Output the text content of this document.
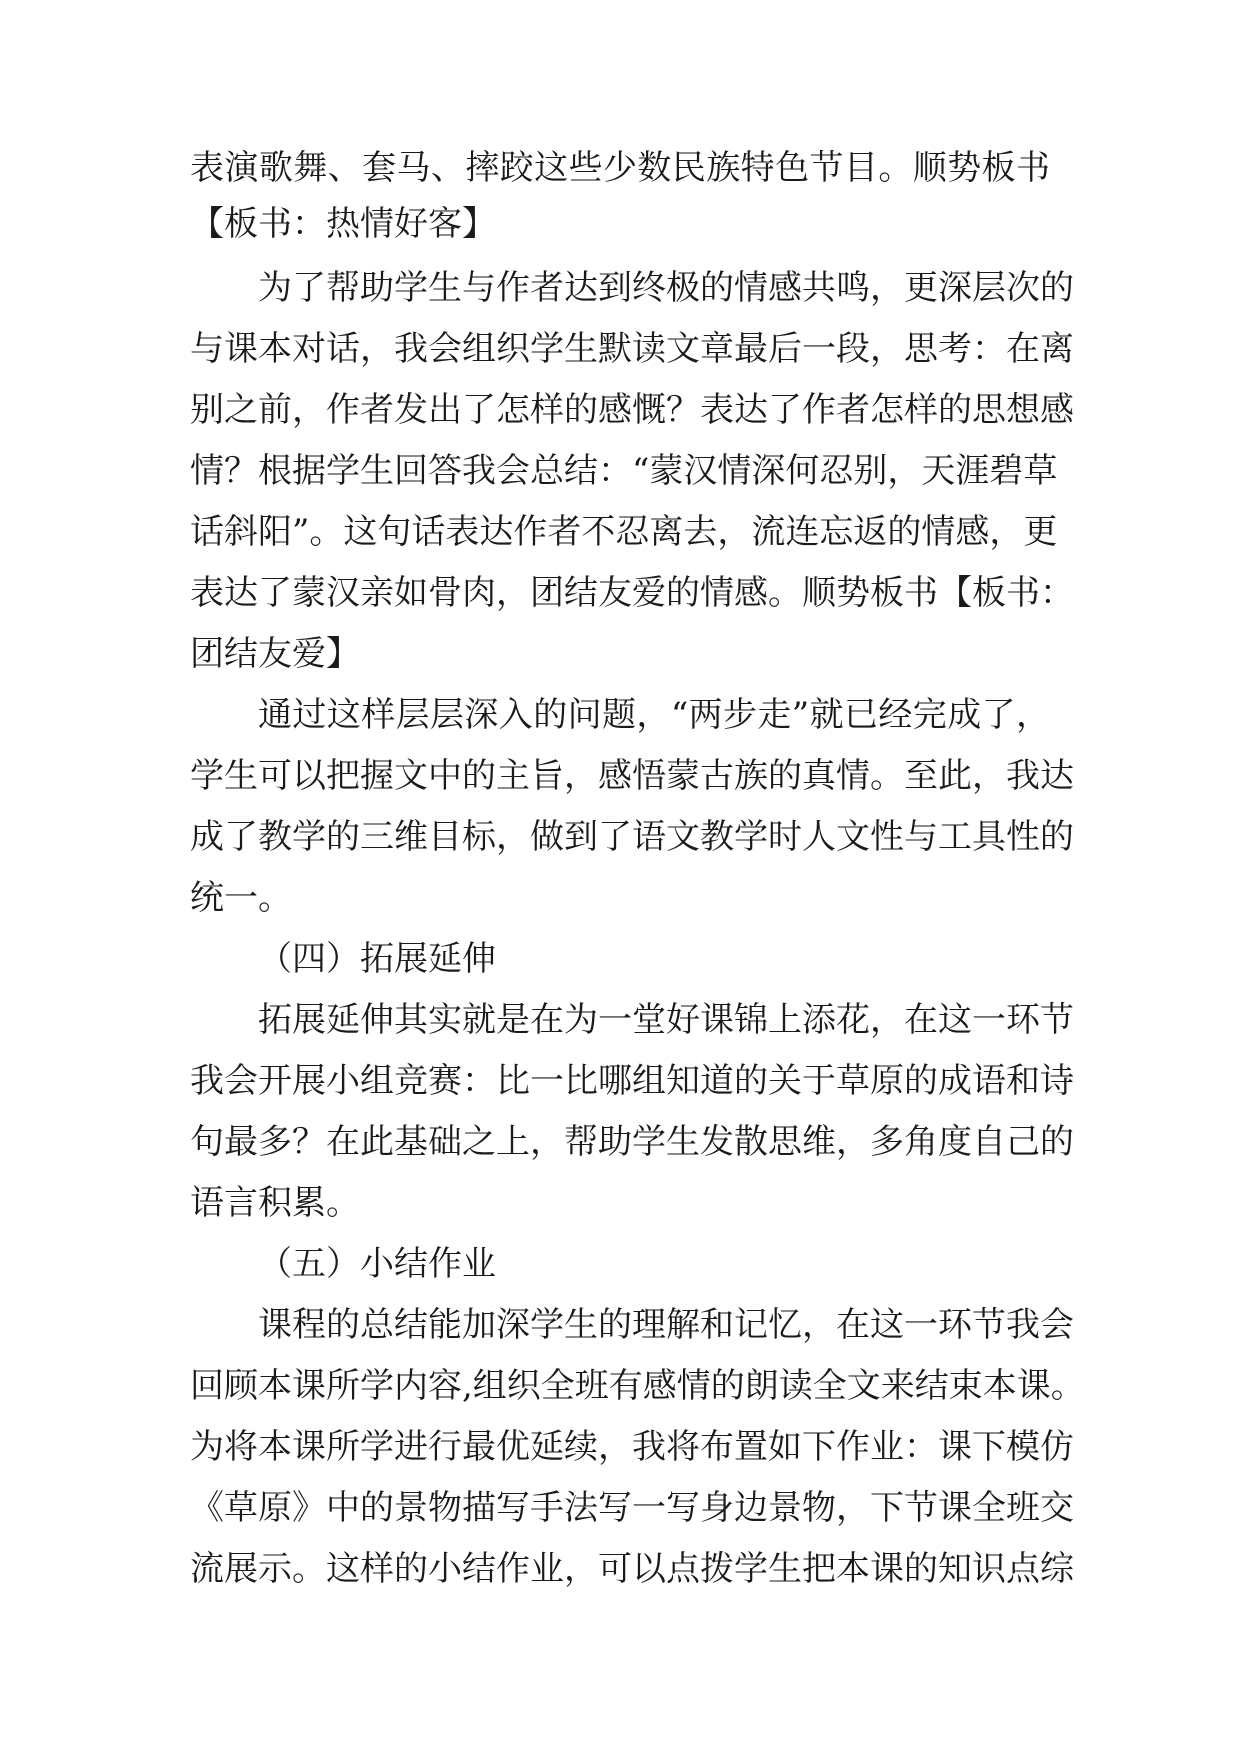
表演歌舞、套马、摔跤这些少数民族特色节目。顺势板书
【板书：热情好客】
为了帮助学生与作者达到终极的情感共鸣，更深层次的
与课本对话，我会组织学生默读文章最后一段，思考：在离
别之前，作者发出了怎样的感慨？表达了作者怎样的思想感
情？根据学生回答我会总结：“蒙汉情深何忍别，天涯碧草
话斜阳”。这句话表达作者不忍离去，流连忘返的情感，更
表达了蒙汉亲如骨肉，团结友爱的情感。顺势板书【板书：
团结友爱】
通过这样层层深入的问题，“两步走”就已经完成了，
学生可以把握文中的主旨，感悟蒙古族的真情。至此，我达
成了教学的三维目标，做到了语文教学时人文性与工具性的
统一。
（四）拓展延伸
拓展延伸其实就是在为一堂好课锦上添花，在这一环节
我会开展小组竞赛：比一比哪组知道的关于草原的成语和诗
句最多？在此基础之上，帮助学生发散思维，多角度自己的
语言积累。
（五）小结作业
课程的总结能加深学生的理解和记忆，在这一环节我会
回顾本课所学内容,组织全班有感情的朗读全文来结束本课。
为将本课所学进行最优延续，我将布置如下作业：课下模仿
《草原》中的景物描写手法写一写身边景物，下节课全班交
流展示。这样的小结作业，可以点拨学生把本课的知识点综
